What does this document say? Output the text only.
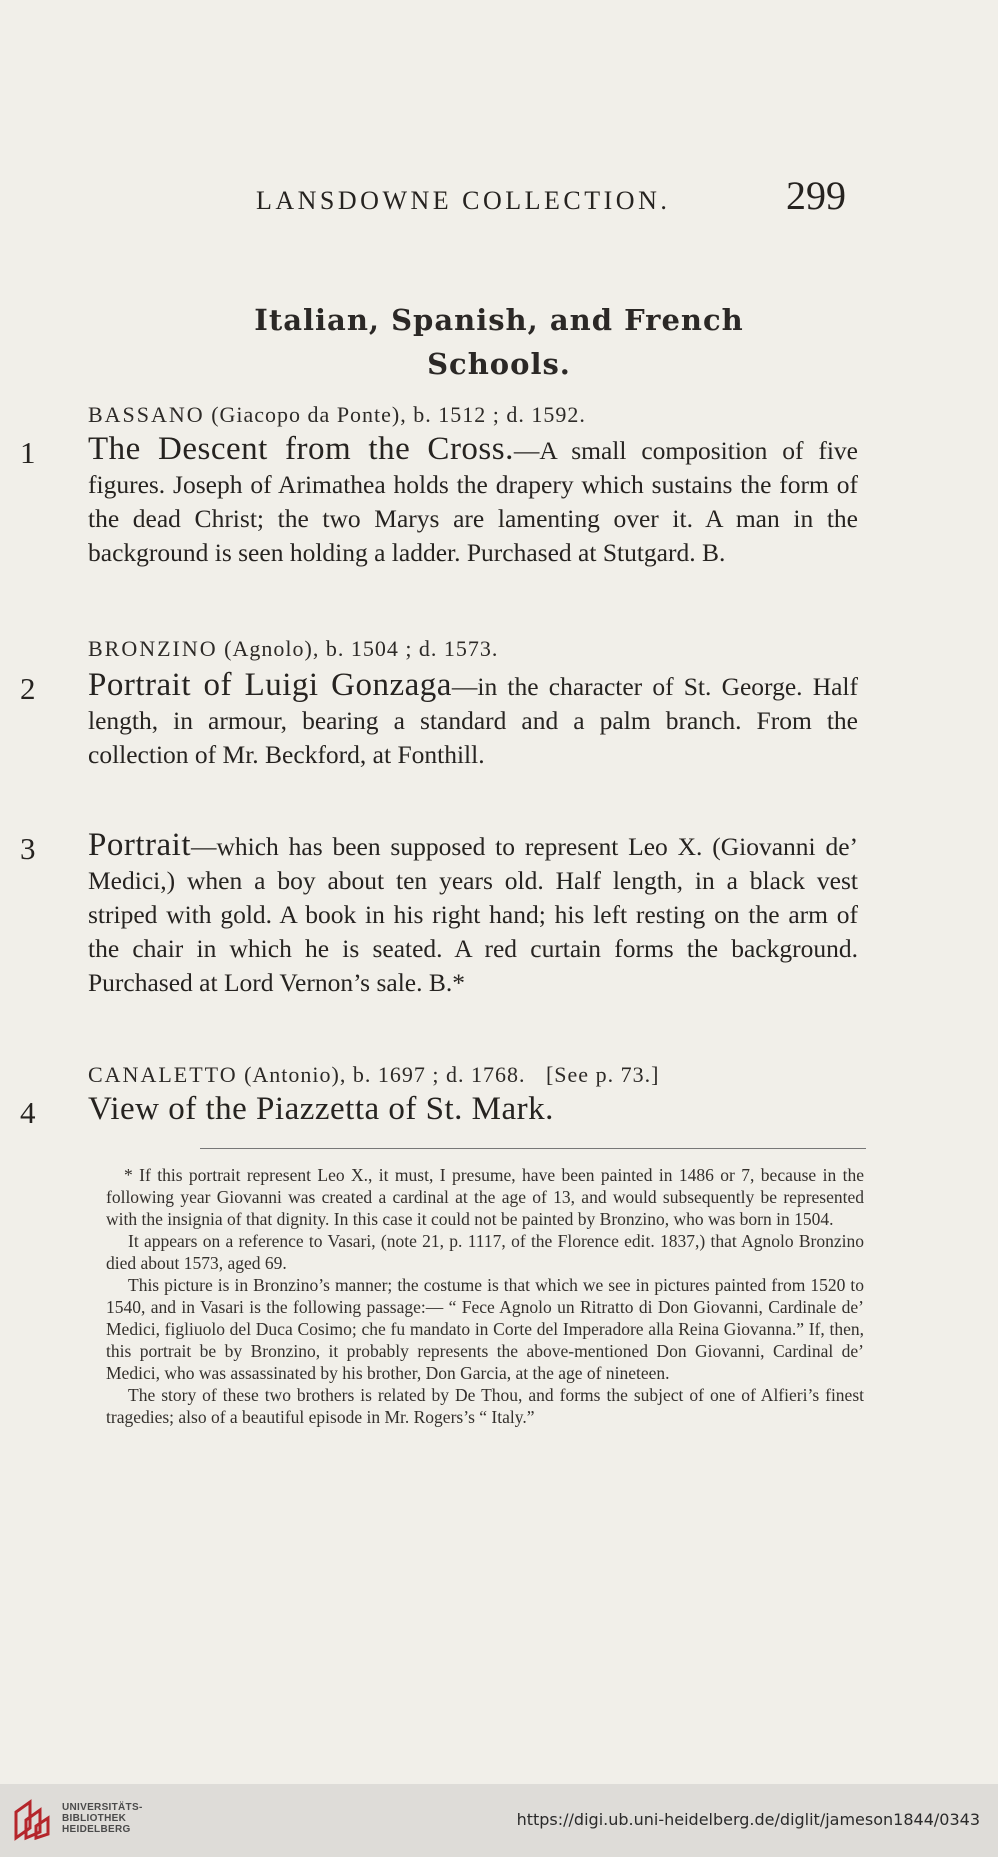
LANSDOWNE COLLECTION.	299
Italian, Spanish, and French
Schools.
BASSANO (Giacopo da Ponte), b. 1512 ; d. 1592.
1	The Descent from the Cross.—A small composition of five figures. Joseph of Arimathea holds the drapery which sustains the form of the dead Christ; the two Marys are lamenting over it. A man in the background is seen holding a ladder. Purchased at Stutgard. B.
BRONZINO (Agnolo), b. 1504 ; d. 1573.
2	Portrait of Luigi Gonzaga—in the character of St. George. Half length, in armour, bearing a standard and a palm branch. From the collection of Mr. Beckford, at Fonthill.
3	Portrait—which has been supposed to represent Leo X. (Giovanni de’ Medici,) when a boy about ten years old. Half length, in a black vest striped with gold. A book in his right hand; his left resting on the arm of the chair in which he is seated. A red curtain forms the background. Purchased at Lord Vernon’s sale. B.*
CANALETTO (Antonio), b. 1697 ; d. 1768. [See p. 73.]
4	View of the Piazzetta of St. Mark.

* If this portrait represent Leo X., it must, I presume, have been painted in 1486 or 7, because in the following year Giovanni was created a cardinal at the age of 13, and would subsequently be represented with the insignia of that dignity. In this case it could not be painted by Bronzino, who was born in 1504.

It appears on a reference to Vasari, (note 21, p. 1117, of the Florence edit. 1837,) that Agnolo Bronzino died about 1573, aged 69.

This picture is in Bronzino’s manner; the costume is that which we see in pictures painted from 1520 to 1540, and in Vasari is the following passage:— “ Fece Agnolo un Ritratto di Don Giovanni, Cardinale de’ Medici, figliuolo del Duca Cosimo; che fu mandato in Corte del Imperadore alla Reina Giovanna.” If, then, this portrait be by Bronzino, it probably represents the above-mentioned Don Giovanni, Cardinal de’ Medici, who was assassinated by his brother, Don Garcia, at the age of nineteen.

The story of these two brothers is related by De Thou, and forms the subject of one of Alfieri’s finest tragedies; also of a beautiful episode in Mr. Rogers’s “ Italy.”

UNIVERSITÄTS-
BIBLIOTHEK
HEIDELBERG
https://digi.ub.uni-heidelberg.de/diglit/jameson1844/0343
